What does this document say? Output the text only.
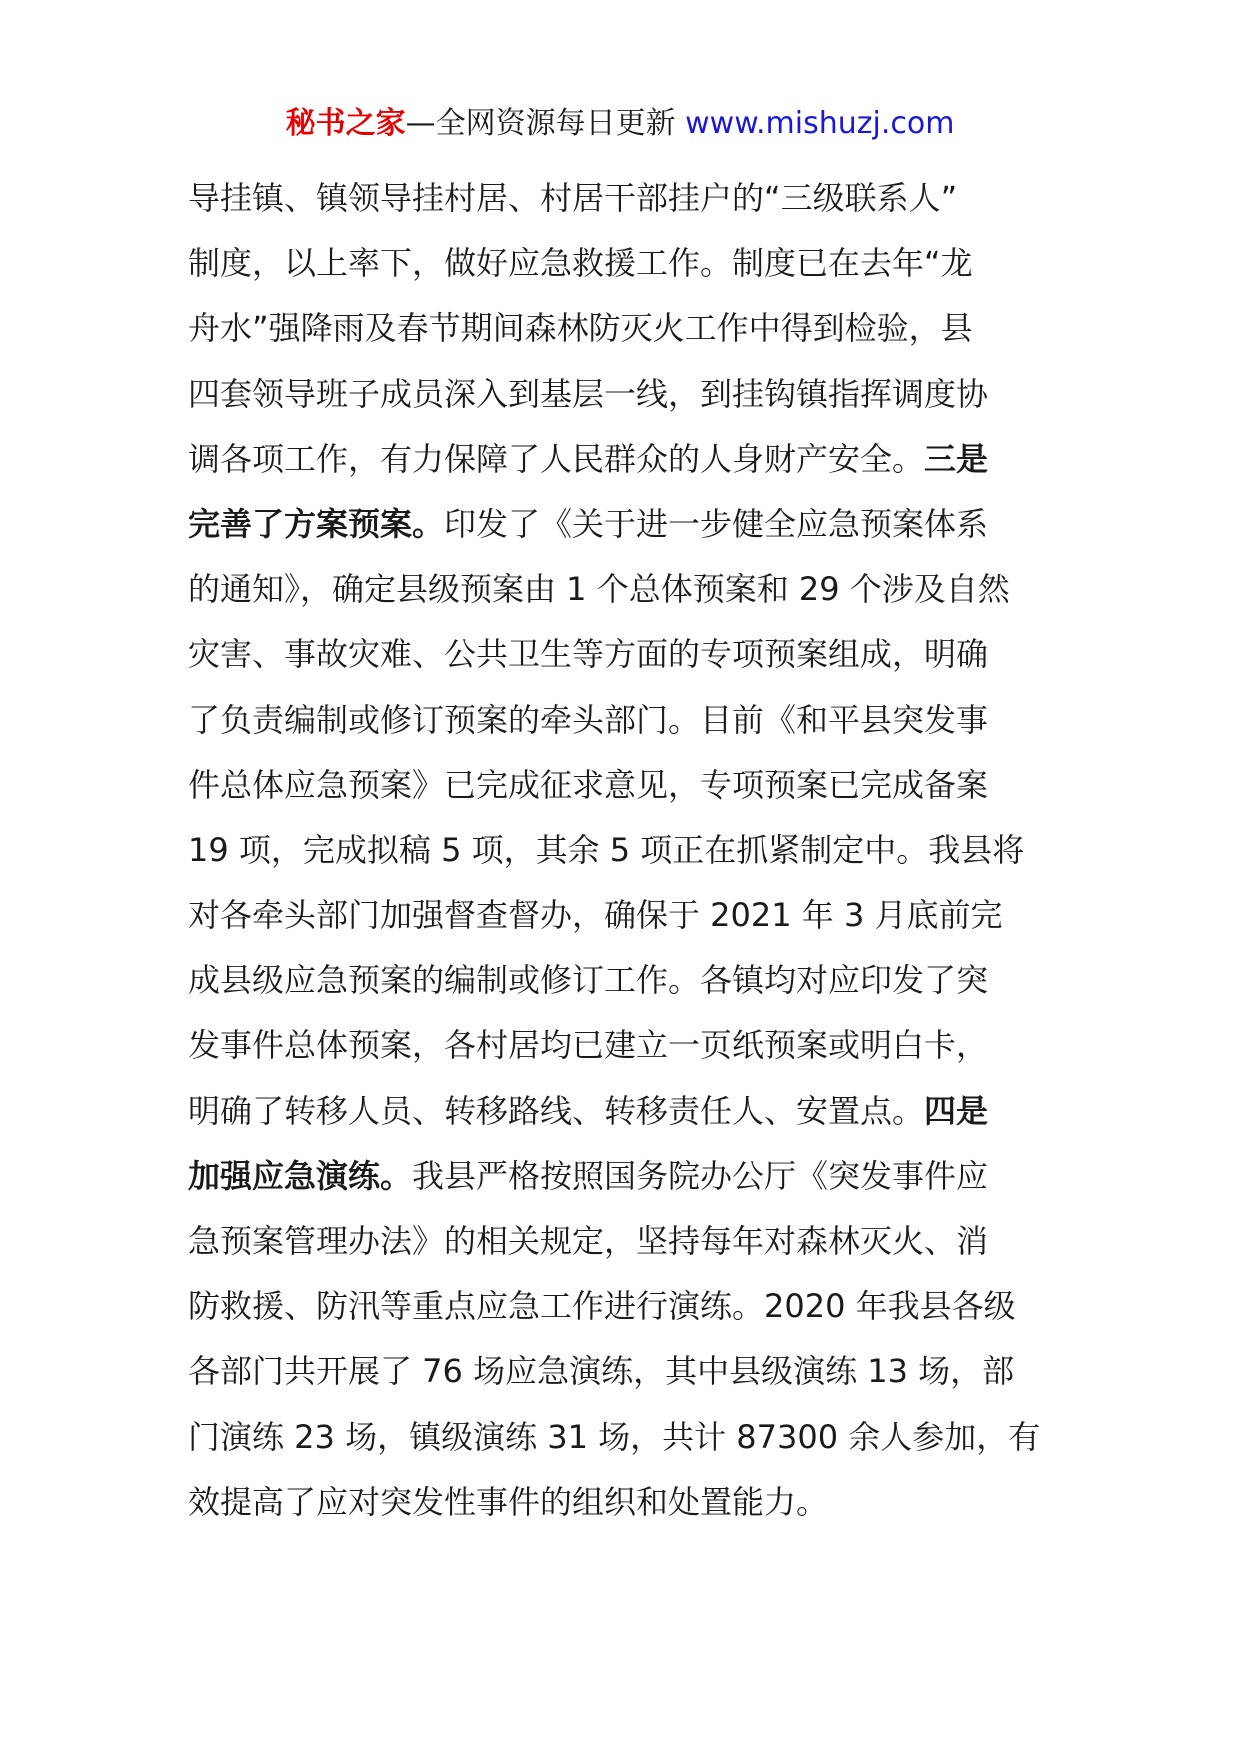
秘书之家—全网资源每日更新 www.mishuzj.com
导挂镇、镇领导挂村居、村居干部挂户的“三级联系人”
制度，以上率下，做好应急救援工作。制度已在去年“龙
舟水”强降雨及春节期间森林防灭火工作中得到检验，县
四套领导班子成员深入到基层一线，到挂钩镇指挥调度协
调各项工作，有力保障了人民群众的人身财产安全。三是
完善了方案预案。印发了《关于进一步健全应急预案体系
的通知》，确定县级预案由 1 个总体预案和 29 个涉及自然
灾害、事故灾难、公共卫生等方面的专项预案组成，明确
了负责编制或修订预案的牵头部门。目前《和平县突发事
件总体应急预案》已完成征求意见，专项预案已完成备案
19 项，完成拟稿 5 项，其余 5 项正在抓紧制定中。我县将
对各牵头部门加强督查督办，确保于 2021 年 3 月底前完
成县级应急预案的编制或修订工作。各镇均对应印发了突
发事件总体预案，各村居均已建立一页纸预案或明白卡，
明确了转移人员、转移路线、转移责任人、安置点。四是
加强应急演练。我县严格按照国务院办公厅《突发事件应
急预案管理办法》的相关规定，坚持每年对森林灭火、消
防救援、防汛等重点应急工作进行演练。2020 年我县各级
各部门共开展了 76 场应急演练，其中县级演练 13 场，部
门演练 23 场，镇级演练 31 场，共计 87300 余人参加，有
效提高了应对突发性事件的组织和处置能力。
